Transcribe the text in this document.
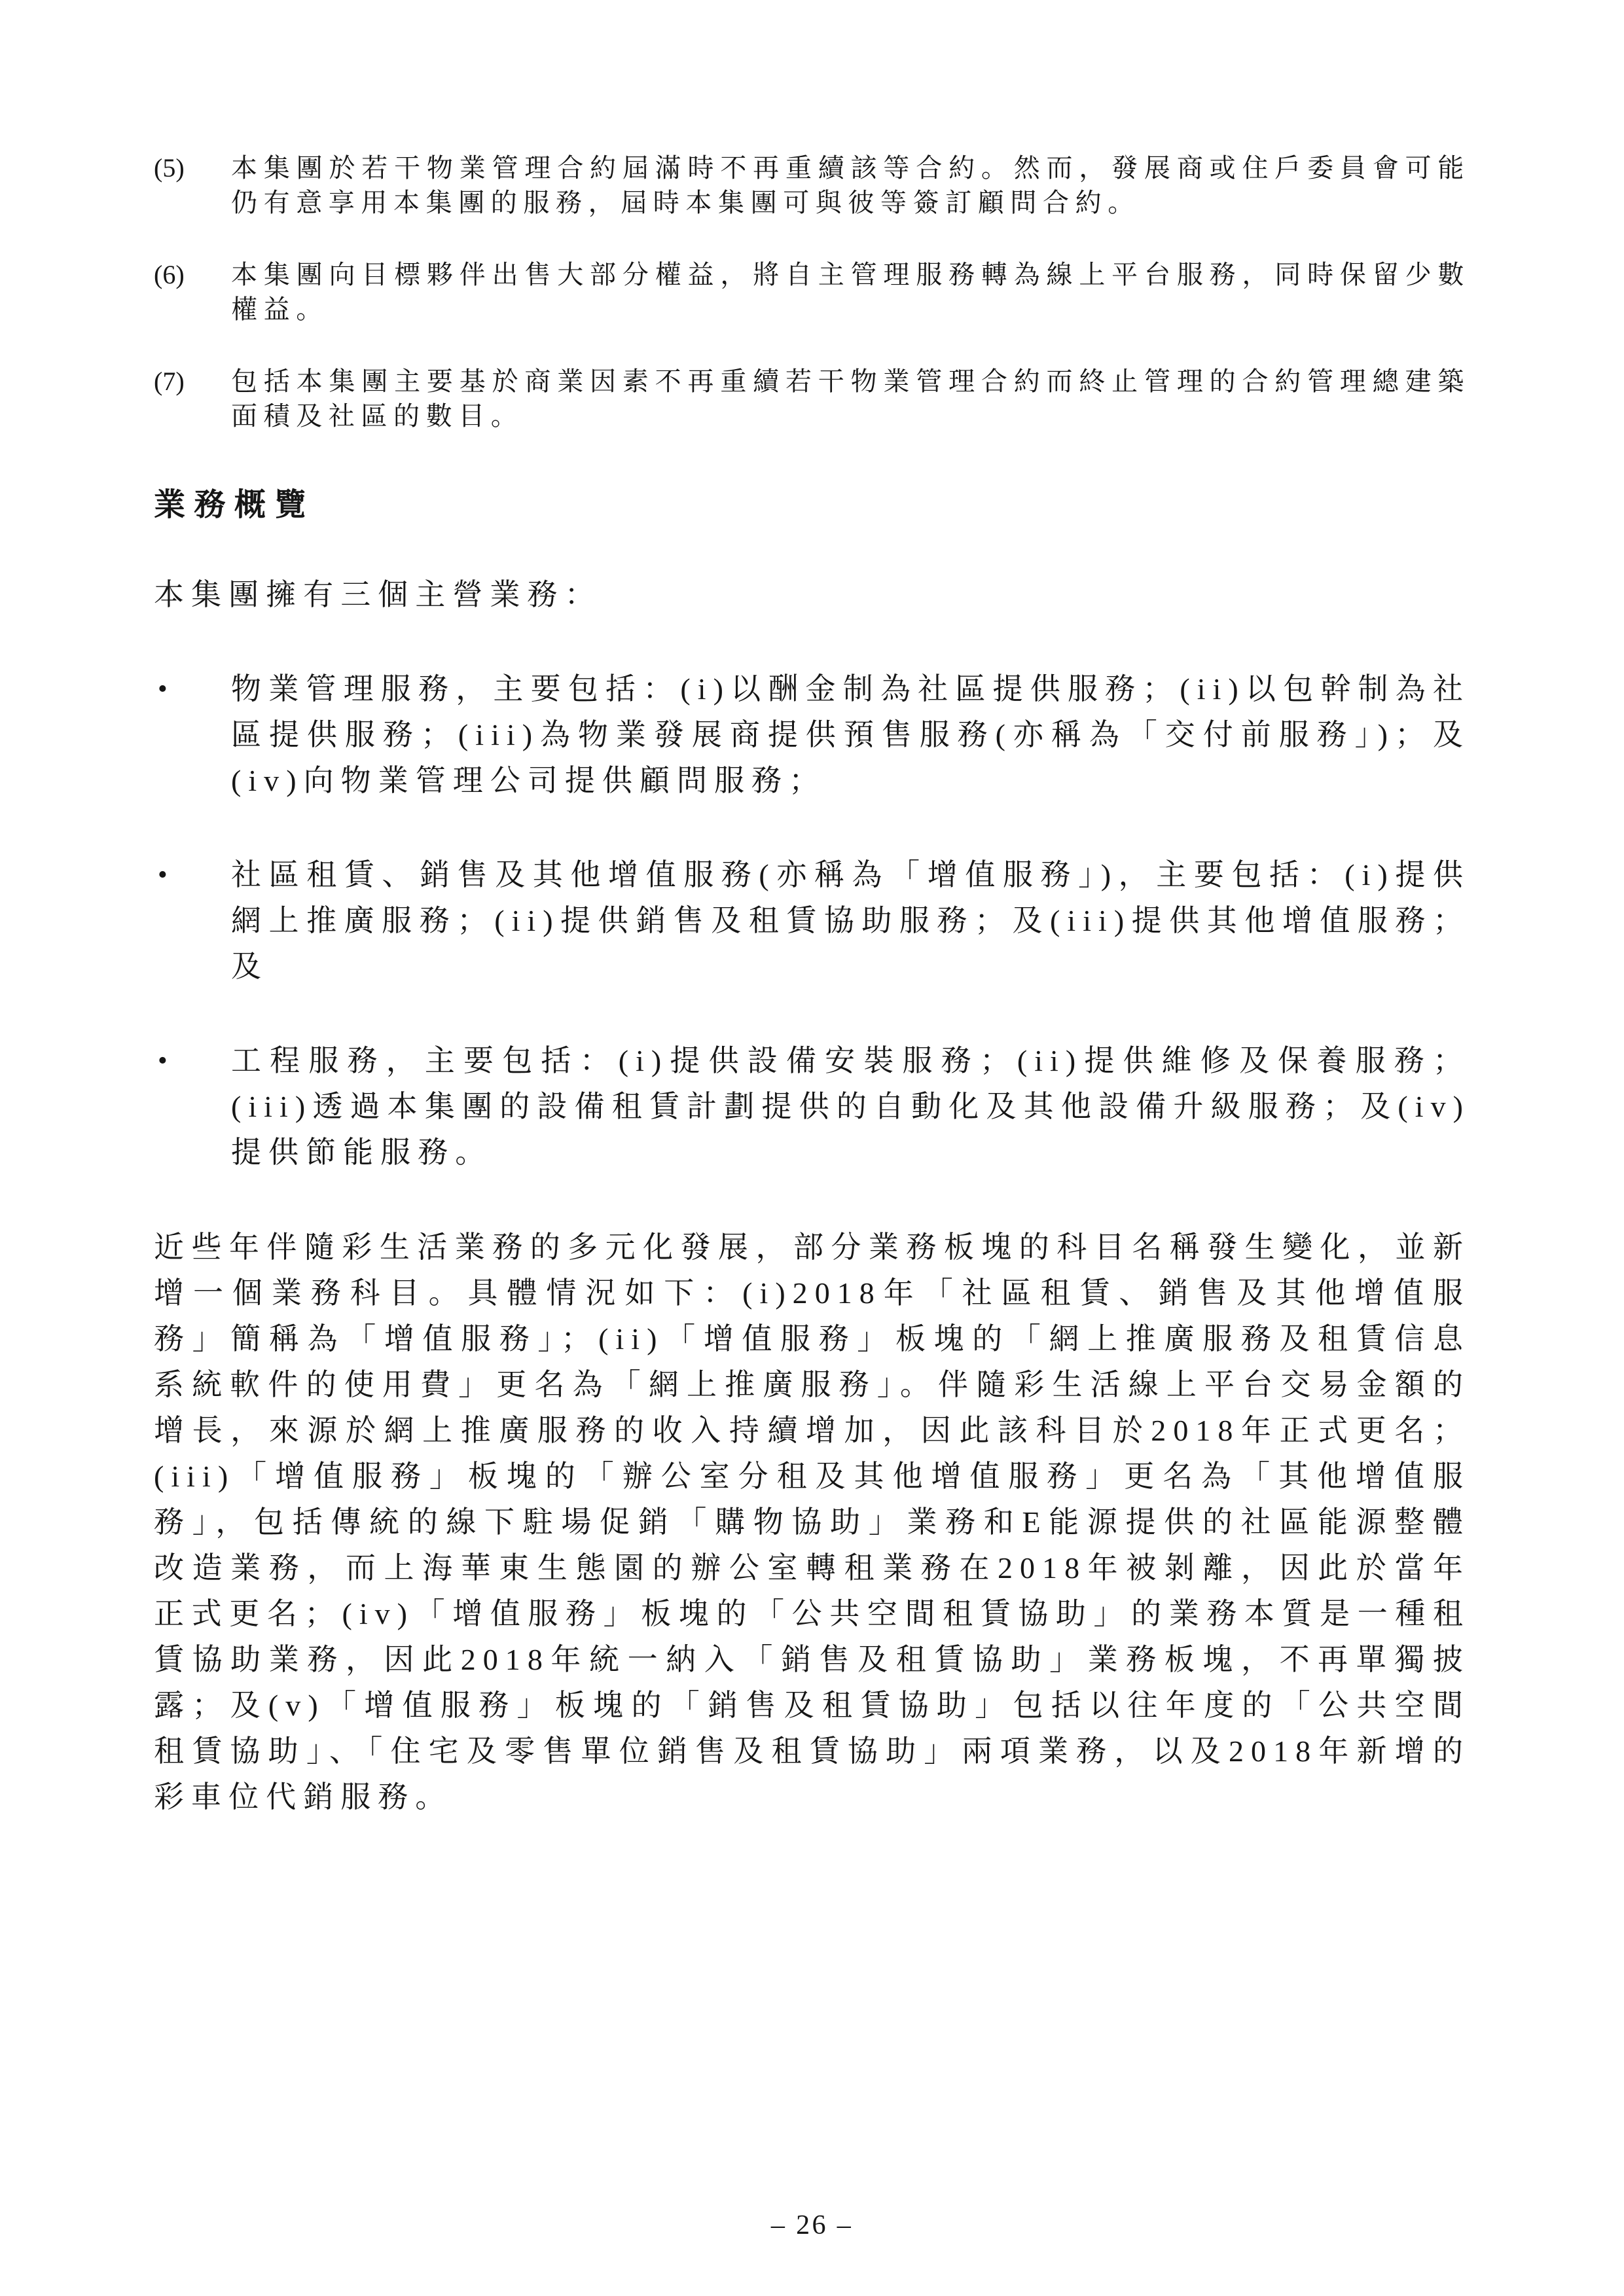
(5)	本集團於若干物業管理合約屆滿時不再重續該等合約。然而，發展商或住戶委員會可能仍有意享用本集團的服務，屆時本集團可與彼等簽訂顧問合約。
(6)	本集團向目標夥伴出售大部分權益，將自主管理服務轉為線上平台服務，同時保留少數權益。
(7)	包括本集團主要基於商業因素不再重續若干物業管理合約而終止管理的合約管理總建築面積及社區的數目。
業務概覽

本集團擁有三個主營業務：

•	物業管理服務，主要包括：(i)以酬金制為社區提供服務；(ii)以包幹制為社區提供服務；(iii)為物業發展商提供預售服務(亦稱為「交付前服務」)；及(iv)向物業管理公司提供顧問服務；
•	社區租賃、銷售及其他增值服務(亦稱為「增值服務」)，主要包括：(i)提供網上推廣服務；(ii)提供銷售及租賃協助服務；及(iii)提供其他增值服務；及
•	工程服務，主要包括：(i)提供設備安裝服務；(ii)提供維修及保養服務；(iii)透過本集團的設備租賃計劃提供的自動化及其他設備升級服務；及(iv)提供節能服務。

近些年伴隨彩生活業務的多元化發展，部分業務板塊的科目名稱發生變化，並新增一個業務科目。具體情況如下：(i)2018年「社區租賃、銷售及其他增值服務」簡稱為「增值服務」；(ii)「增值服務」板塊的「網上推廣服務及租賃信息系統軟件的使用費」更名為「網上推廣服務」。伴隨彩生活線上平台交易金額的增長，來源於網上推廣服務的收入持續增加，因此該科目於2018年正式更名；(iii)「增值服務」板塊的「辦公室分租及其他增值服務」更名為「其他增值服務」，包括傳統的線下駐場促銷「購物協助」業務和E能源提供的社區能源整體改造業務，而上海華東生態園的辦公室轉租業務在2018年被剝離，因此於當年正式更名；(iv)「增值服務」板塊的「公共空間租賃協助」的業務本質是一種租賃協助業務，因此2018年統一納入「銷售及租賃協助」業務板塊，不再單獨披露；及(v)「增值服務」板塊的「銷售及租賃協助」包括以往年度的「公共空間租賃協助」、「住宅及零售單位銷售及租賃協助」兩項業務，以及2018年新增的彩車位代銷服務。

– 26 –
